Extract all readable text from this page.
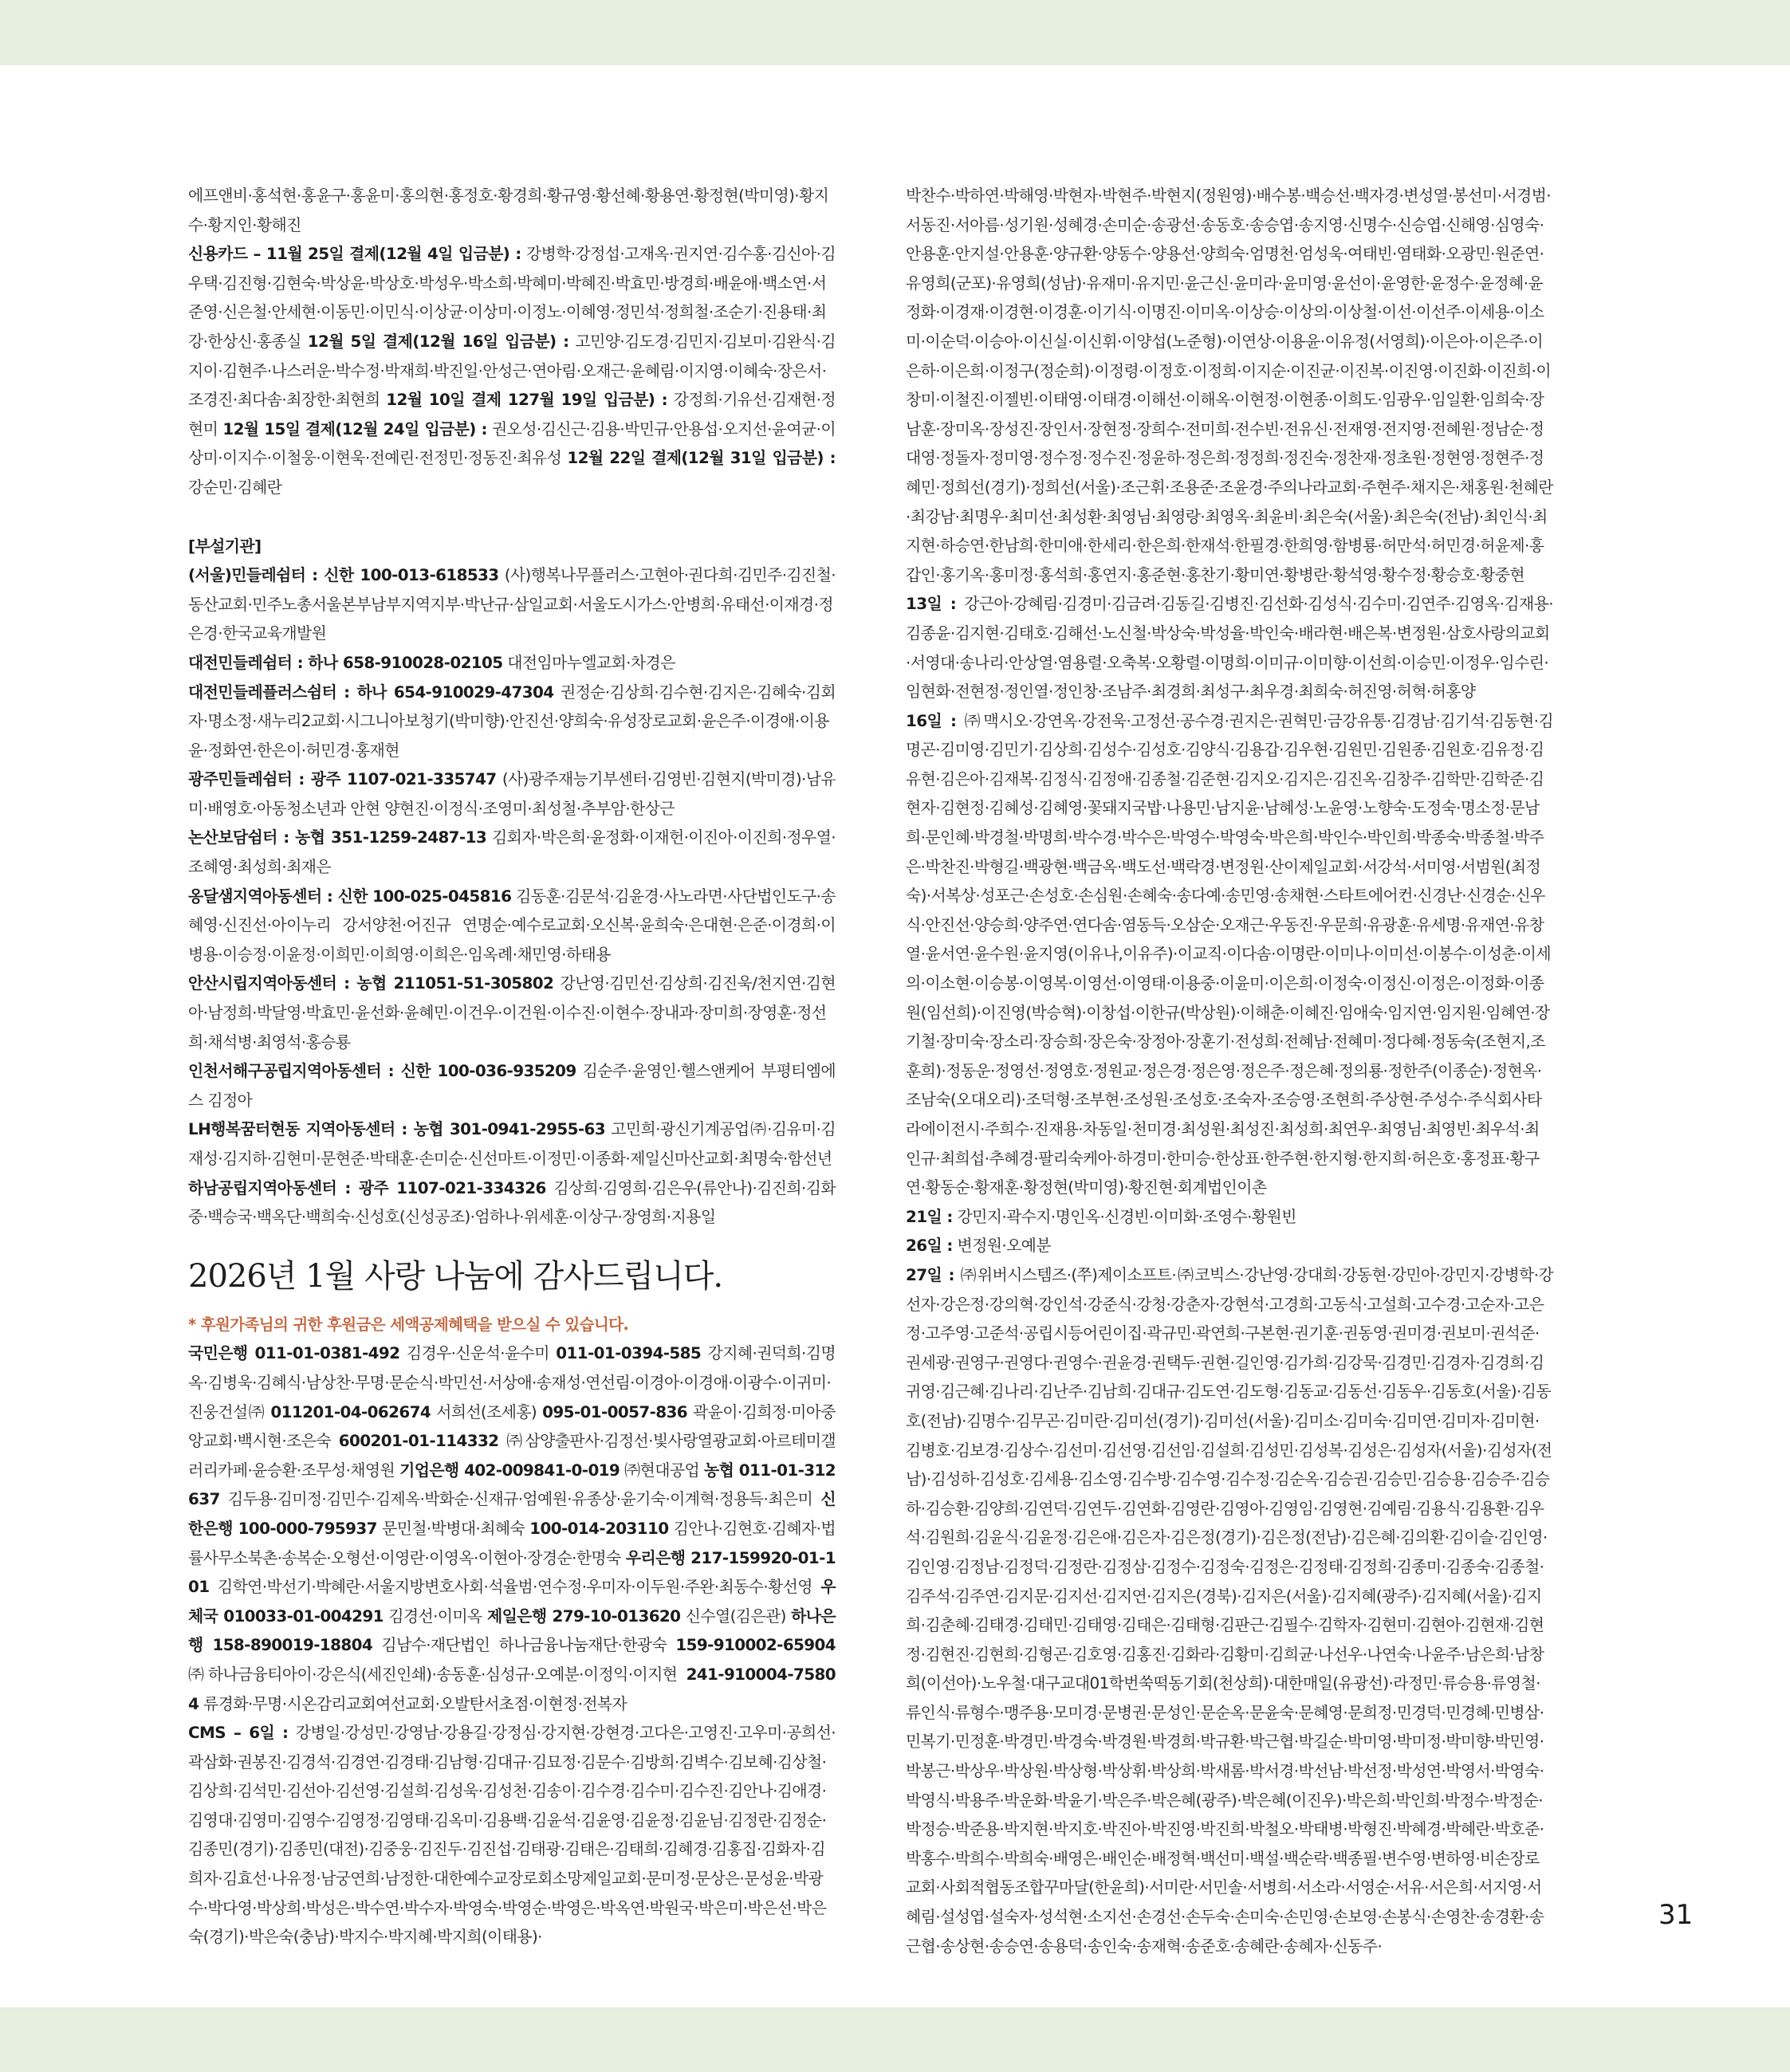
에프앤비·홍석현·홍윤구·홍윤미·홍의현·홍정호·황경희·황규영·황선혜·황용연·황정현(박미영)·황지수·황지인·황해진

신용카드 – 11월 25일 결제(12월 4일 입금분) : 강병학·강정섭·고재옥·권지연·김수홍·김신아·김우택·김진형·김현숙·박상윤·박상호·박성우·박소희·박혜미·박혜진·박효민·방경희·배윤애·백소연·서준영·신은철·안세현·이동민·이민식·이상균·이상미·이정노·이혜영·정민석·정희철·조순기·진용태·최강·한상신·홍종실 12월 5일 결제(12월 16일 입금분) : 고민양·김도경·김민지·김보미·김완식·김지이·김현주·나스러운·박수정·박재희·박진일·안성근·연아림·오재근·윤혜림·이지영·이혜숙·장은서·조경진·최다솜·최장한·최현희 12월 10일 결제 127월 19일 입금분) : 강정희·기유선·김재현·정현미 12월 15일 결제(12월 24일 입금분) : 권오성·김신근·김용·박민규·안용섭·오지선·윤여균·이상미·이지수·이철웅·이현욱·전예린·전정민·정동진·최유성 12월 22일 결제(12월 31일 입금분) : 강순민·김혜란

[부설기관]

(서울)민들레쉼터 : 신한 100-013-618533 (사)행복나무플러스·고현아·권다희·김민주·김진철·동산교회·민주노총서울본부남부지역지부·박난규·삼일교회·서울도시가스·안병희·유태선·이재경·정은경·한국교육개발원

대전민들레쉼터 : 하나 658-910028-02105 대전임마누엘교회·차경은

대전민들레플러스쉼터 : 하나 654-910029-47304 권정순·김상희·김수현·김지은·김혜숙·김회자·명소정·새누리2교회·시그니아보청기(박미향)·안진선·양희숙·유성장로교회·윤은주·이경애·이용윤·정화연·한은이·허민경·홍재현

광주민들레쉼터 : 광주 1107-021-335747 (사)광주재능기부센터·김영빈·김현지(박미경)·남유미·배영호·아동청소년과 안현 양현진·이정식·조영미·최성철·추부암·한상근

논산보담쉼터 : 농협 351-1259-2487-13 김회자·박은희·윤정화·이재헌·이진아·이진희·정우열·조혜영·최성희·최재은

옹달샘지역아동센터 : 신한 100-025-045816 김동훈·김문석·김윤경·사노라면·사단법인도구·송혜영·신진선·아이누리 강서양천·어진규 연명순·예수로교회·오신복·윤희숙·은대현·은준·이경희·이병용·이승정·이윤정·이희민·이희영·이희은·임옥례·채민영·하태용

안산시립지역아동센터 : 농협 211051-51-305802 강난영·김민선·김상희·김진욱/천지연·김현아·남정희·박달영·박효민·윤선화·윤혜민·이건우·이건원·이수진·이현수·장내과·장미희·장영훈·정선희·채석병·최영석·홍승룡

인천서해구공립지역아동센터 : 신한 100-036-935209 김순주·윤영인·헬스앤케어 부평티엠에스 김정아

LH행복꿈터현동 지역아동센터 : 농협 301-0941-2955-63 고민희·광신기계공업㈜·김유미·김재성·김지하·김현미·문현준·박태훈·손미순·신선마트·이정민·이종화·제일신마산교회·최명숙·함선년

하남공립지역아동센터 : 광주 1107-021-334326 김상희·김영희·김은우(류안나)·김진희·김화중·백승국·백옥단·백희숙·신성호(신성공조)·엄하나·위세훈·이상구·장영희·지용일

2026년 1월 사랑 나눔에 감사드립니다.

* 후원가족님의 귀한 후원금은 세액공제혜택을 받으실 수 있습니다.

국민은행 011-01-0381-492 김경우·신운석·윤수미 011-01-0394-585 강지혜·권덕희·김명옥·김병욱·김혜식·남상찬·무명·문순식·박민선·서상애·송재성·연선림·이경아·이경애·이광수·이귀미·진웅건설㈜ 011201-04-062674 서희선(조세홍) 095-01-0057-836 곽윤이·김희정·미아중앙교회·백시현·조은숙 600201-01-114332 ㈜삼양출판사·김정선·빛사랑열광교회·아르테미갤러리카페·윤승환·조무성·채영원 기업은행 402-009841-0-019 ㈜현대공업 농협 011-01-312637 김두용·김미정·김민수·김제옥·박화순·신재규·엄예원·유종상·윤기숙·이계혁·정용득·최은미 신한은행 100-000-795937 문민철·박병대·최혜숙 100-014-203110 김안나·김현호·김혜자·법률사무소북촌·송복순·오형선·이영란·이영옥·이현아·장경순·한명숙 우리은행 217-159920-01-101 김학연·박선기·박혜란·서울지방변호사회·석율범·연수정·우미자·이두원·주완·최동수·황선영 우체국 010033-01-004291 김경선·이미옥 제일은행 279-10-013620 신수열(김은관) 하나은행 158-890019-18804 김남수·재단법인 하나금융나눔재단·한광숙 159-910002-65904 ㈜하나금융티아이·강은식(세진인쇄)·송동훈·심성규·오예분·이정익·이지현 241-910004-75804 류경화·무명·시온감리교회여선교회·오발탄서초점·이현정·전복자

CMS – 6일 : 강병일·강성민·강영남·강용길·강정심·강지현·강현경·고다은·고영진·고우미·공희선·곽삼화·권봉진·김경석·김경연·김경태·김남형·김대규·김묘정·김문수·김방희·김벽수·김보혜·김상철·김상희·김석민·김선아·김선영·김설희·김성욱·김성천·김송이·김수경·김수미·김수진·김안나·김애경·김영대·김영미·김영수·김영정·김영태·김옥미·김용백·김윤석·김윤영·김윤정·김윤님·김정란·김정순·김종민(경기)·김종민(대전)·김중웅·김진두·김진섭·김태광·김태은·김태희·김혜경·김홍집·김화자·김희자·김효선·나유정·남궁연희·남정한·대한예수교장로회소망제일교회·문미정·문상은·문성윤·박광수·박다영·박상희·박성은·박수연·박수자·박영숙·박영순·박영은·박옥연·박원국·박은미·박은선·박은숙(경기)·박은숙(충남)·박지수·박지혜·박지희(이태용)·

박찬수·박하연·박해영·박현자·박현주·박현지(정원영)·배수봉·백승선·백자경·변성열·봉선미·서경범·서동진·서아름·성기원·성혜경·손미순·송광선·송동호·송승엽·송지영·신명수·신승엽·신해영·심영숙·안용훈·안지설·안용훈·양규환·양동수·양용선·양희숙·엄명천·엄성욱·여태빈·염태화·오광민·원준연·유영희(군포)·유영희(성남)·유재미·유지민·윤근신·윤미라·윤미영·윤선이·윤영한·윤정수·윤정혜·윤정화·이경재·이경현·이경훈·이기식·이명진·이미옥·이상승·이상의·이상철·이선·이선주·이세용·이소미·이순덕·이승아·이신실·이신휘·이양섭(노준형)·이연상·이용윤·이유정(서영희)·이은아·이은주·이은하·이은희·이정구(정순희)·이정령·이정호·이정희·이지순·이진균·이진복·이진영·이진화·이진희·이창미·이철진·이젤빈·이태영·이태경·이해선·이해옥·이현정·이현종·이희도·임광우·임일환·임희숙·장남훈·장미옥·장성진·장인서·장현정·장희수·전미희·전수빈·전유신·전재영·전지영·전혜원·정남순·정대영·정돌자·정미영·정수정·정수진·정윤하·정은희·정정희·정진숙·정찬재·정초원·정현영·정현주·정혜민·정희선(경기)·정희선(서울)·조근휘·조용준·조윤경·주의나라교회·주현주·채지은·채홍원·천혜란·최강남·최명우·최미선·최성환·최영님·최영랑·최영옥·최윤비·최은숙(서울)·최은숙(전남)·최인식·최지현·하승연·한남희·한미애·한세리·한은희·한재석·한필경·한희영·함병룡·허만석·허민경·허윤제·홍갑인·홍기옥·홍미정·홍석희·홍연지·홍준현·홍찬기·황미연·황병란·황석영·황수정·황승호·황중현

13일 : 강근아·강혜림·김경미·김금려·김동길·김병진·김선화·김성식·김수미·김연주·김영옥·김재용·김종윤·김지현·김태호·김해선·노신철·박상숙·박성율·박인숙·배라현·배은복·변정원·삼호사랑의교회·서영대·송나리·안상열·염용렬·오축복·오황렬·이명희·이미규·이미향·이선희·이승민·이정우·임수린·임현화·전현정·정인열·정인창·조남주·최경희·최성구·최우경·최희숙·허진영·허혁·허홍양

16일 : ㈜맥시오·강연옥·강전욱·고정선·공수경·권지은·권혁민·금강유통·김경남·김기석·김동현·김명곤·김미영·김민기·김상희·김성수·김성호·김양식·김용갑·김우현·김원민·김원종·김원호·김유정·김유현·김은아·김재복·김정식·김정애·김종철·김준현·김지오·김지은·김진옥·김창주·김학만·김학준·김현자·김현정·김혜성·김혜영·꽃돼지국밥·나용민·남지윤·남혜성·노윤영·노향숙·도정숙·명소정·문남희·문인혜·박경철·박명희·박수경·박수은·박영수·박영숙·박은희·박인수·박인희·박종숙·박종철·박주은·박찬진·박형길·백광현·백금옥·백도선·백락경·변정원·산이제일교회·서강석·서미영·서범원(최정숙)·서복상·성포근·손성호·손심원·손혜숙·송다예·송민영·송채현·스타트에어컨·신경난·신경순·신우식·안진선·양승희·양주연·연다솜·염동득·오삼순·오재근·우동진·우문희·유광훈·유세명·유재연·유창열·윤서연·윤수원·윤지영(이유나,이유주)·이교직·이다솜·이명란·이미나·이미선·이봉수·이성춘·이세의·이소현·이승봉·이영복·이영선·이영태·이용중·이윤미·이은희·이정숙·이정신·이정은·이정화·이종원(임선희)·이진영(박승혁)·이창섭·이한규(박상원)·이해춘·이혜진·임애숙·임지연·임지원·임혜연·장기철·장미숙·장소리·장승희·장은숙·장정아·장훈기·전성희·전혜남·전혜미·정다혜·정동숙(조현지,조훈희)·정동운·정영선·정영호·정원교·정은경·정은영·정은주·정은혜·정의룡·정한주(이종순)·정현옥·조남숙(오대오리)·조덕형·조부현·조성원·조성호·조숙자·조승영·조현희·주상현·주성수·주식회사타라에이전시·주희수·진재용·차동일·천미경·최성원·최성진·최성희·최연우·최영님·최영빈·최우석·최인규·최희섭·추혜경·팔리숙케아·하경미·한미승·한상표·한주현·한지형·한지희·허은호·홍정표·황구연·황동순·황재훈·황정현(박미영)·황진현·회계법인이촌

21일 : 강민지·곽수지·명인옥·신경빈·이미화·조영수·황원빈

26일 : 변정원·오예분

27일 : ㈜위버시스템즈·(쭈)제이소프트·㈜코빅스·강난영·강대희·강동현·강민아·강민지·강병학·강선자·강은정·강의혁·강인석·강준식·강청·강춘자·강현석·고경희·고동식·고설희·고수경·고순자·고은정·고주영·고준석·공립시등어린이집·곽규민·곽연희·구본현·권기훈·권동영·권미경·권보미·권석준·권세광·권영구·권영다·권영수·권윤경·권택두·권현·길인영·김가희·김강묵·김경민·김경자·김경희·김귀영·김근혜·김나리·김난주·김남희·김대규·김도연·김도형·김동교·김동선·김동우·김동호(서울)·김동호(전남)·김명수·김무곤·김미란·김미선(경기)·김미선(서울)·김미소·김미숙·김미연·김미자·김미현·김병호·김보경·김상수·김선미·김선영·김선임·김설희·김성민·김성복·김성은·김성자(서울)·김성자(전남)·김성하·김성호·김세용·김소영·김수방·김수영·김수정·김순옥·김승권·김승민·김승용·김승주·김승하·김승환·김양희·김연덕·김연두·김연화·김영란·김영아·김영임·김영현·김예림·김용식·김용환·김우석·김원희·김윤식·김윤정·김은애·김은자·김은정(경기)·김은정(전남)·김은혜·김의환·김이슬·김인영·김인영·김정남·김정덕·김정란·김정삼·김정수·김정숙·김정은·김정태·김정희·김종미·김종숙·김종철·김주석·김주연·김지문·김지선·김지연·김지은(경북)·김지은(서울)·김지혜(광주)·김지혜(서울)·김지희·김춘혜·김태경·김태민·김태영·김태은·김태형·김판근·김필수·김학자·김현미·김현아·김현재·김현정·김현진·김현희·김형곤·김호영·김홍진·김화라·김황미·김희균·나선우·나연숙·나윤주·남은희·남창희(이선아)·노우철·대구교대01학번쑥떡동기회(천상희)·대한매일(유광선)·라정민·류승용·류영철·류인식·류형수·맹주용·모미경·문병권·문성인·문순옥·문윤숙·문혜영·문희정·민경덕·민경혜·민병삼·민복기·민정훈·박경민·박경숙·박경원·박경희·박규환·박근협·박길순·박미영·박미정·박미향·박민영·박봉근·박상우·박상원·박상형·박상휘·박상희·박새롬·박서경·박선남·박선정·박성연·박영서·박영숙·박영식·박용주·박운화·박윤기·박은주·박은혜(광주)·박은혜(이진우)·박은희·박인희·박정수·박정순·박정승·박준용·박지현·박지호·박진아·박진영·박진희·박철오·박태병·박형진·박혜경·박혜란·박호준·박홍수·박희수·박희숙·배영은·배인순·배정혁·백선미·백설·백순락·백종필·변수영·변하영·비손장로교회·사회적협동조합꾸마달(한윤희)·서미란·서민솔·서병희·서소라·서영순·서유·서은희·서지영·서혜림·설성엽·설숙자·성석현·소지선·손경선·손두숙·손미숙·손민영·손보영·손봉식·손영찬·송경환·송근협·송상현·송승연·송용덕·송인숙·송재혁·송준호·송혜란·송혜자·신동주·

31
